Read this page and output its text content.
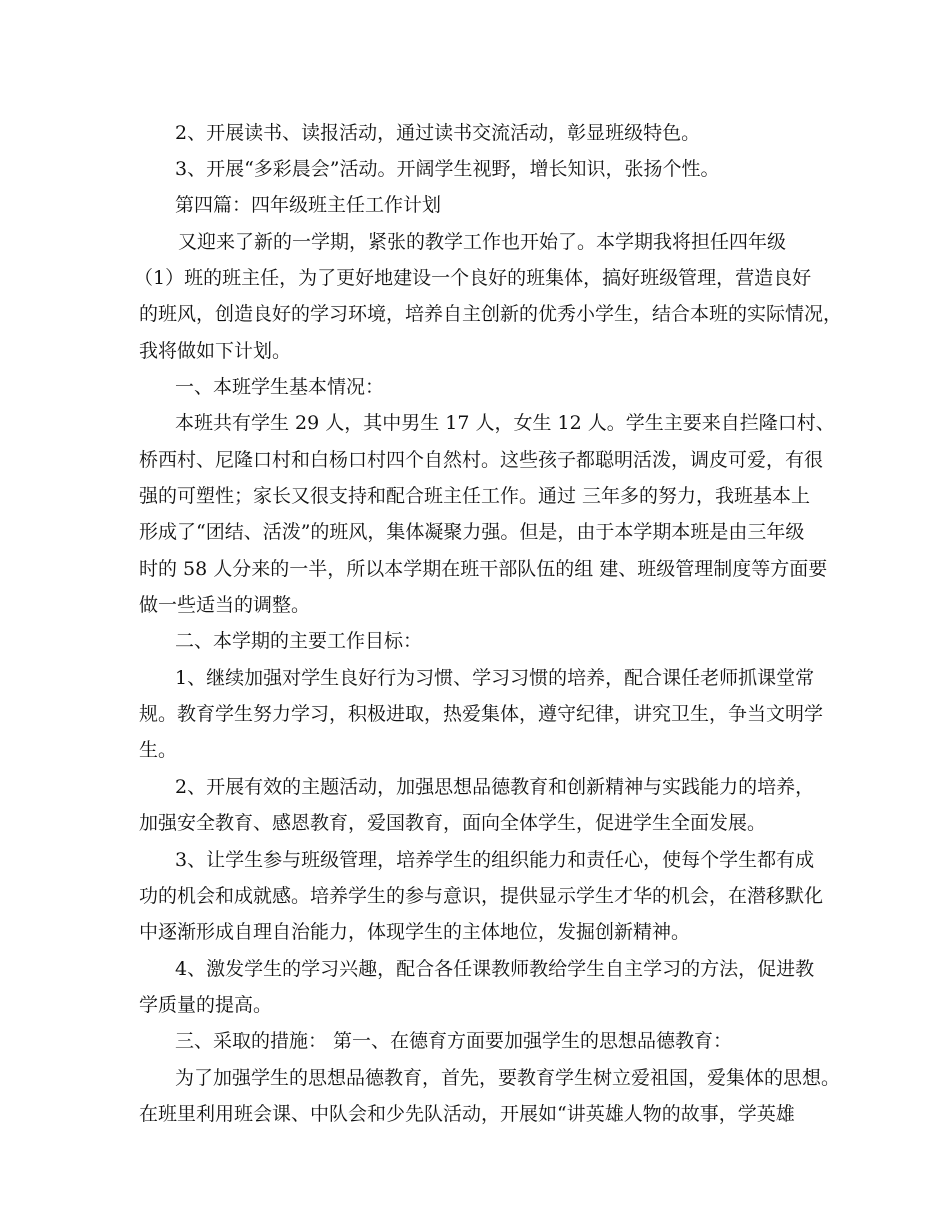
2、开展读书、读报活动，通过读书交流活动，彰显班级特色。
3、开展“多彩晨会”活动。开阔学生视野，增长知识，张扬个性。
第四篇：四年级班主任工作计划
又迎来了新的一学期，紧张的教学工作也开始了。本学期我将担任四年级
（1）班的班主任，为了更好地建设一个良好的班集体，搞好班级管理，营造良好
的班风，创造良好的学习环境，培养自主创新的优秀小学生，结合本班的实际情况，
我将做如下计划。
一、本班学生基本情况：
本班共有学生 29 人，其中男生 17 人，女生 12 人。学生主要来自拦隆口村、
桥西村、尼隆口村和白杨口村四个自然村。这些孩子都聪明活泼，调皮可爱，有很
强的可塑性；家长又很支持和配合班主任工作。通过 三年多的努力，我班基本上
形成了“团结、活泼”的班风，集体凝聚力强。但是，由于本学期本班是由三年级
时的 58 人分来的一半，所以本学期在班干部队伍的组 建、班级管理制度等方面要
做一些适当的调整。
二、本学期的主要工作目标：
1、继续加强对学生良好行为习惯、学习习惯的培养，配合课任老师抓课堂常
规。教育学生努力学习，积极进取，热爱集体，遵守纪律，讲究卫生，争当文明学
生。
2、开展有效的主题活动，加强思想品德教育和创新精神与实践能力的培养，
加强安全教育、感恩教育，爱国教育，面向全体学生，促进学生全面发展。
3、让学生参与班级管理，培养学生的组织能力和责任心，使每个学生都有成
功的机会和成就感。培养学生的参与意识，提供显示学生才华的机会，在潜移默化
中逐渐形成自理自治能力，体现学生的主体地位，发掘创新精神。
4、激发学生的学习兴趣，配合各任课教师教给学生自主学习的方法，促进教
学质量的提高。
三、采取的措施： 第一、在德育方面要加强学生的思想品德教育：
为了加强学生的思想品德教育，首先，要教育学生树立爱祖国，爱集体的思想。
在班里利用班会课、中队会和少先队活动，开展如“讲英雄人物的故事，学英雄
